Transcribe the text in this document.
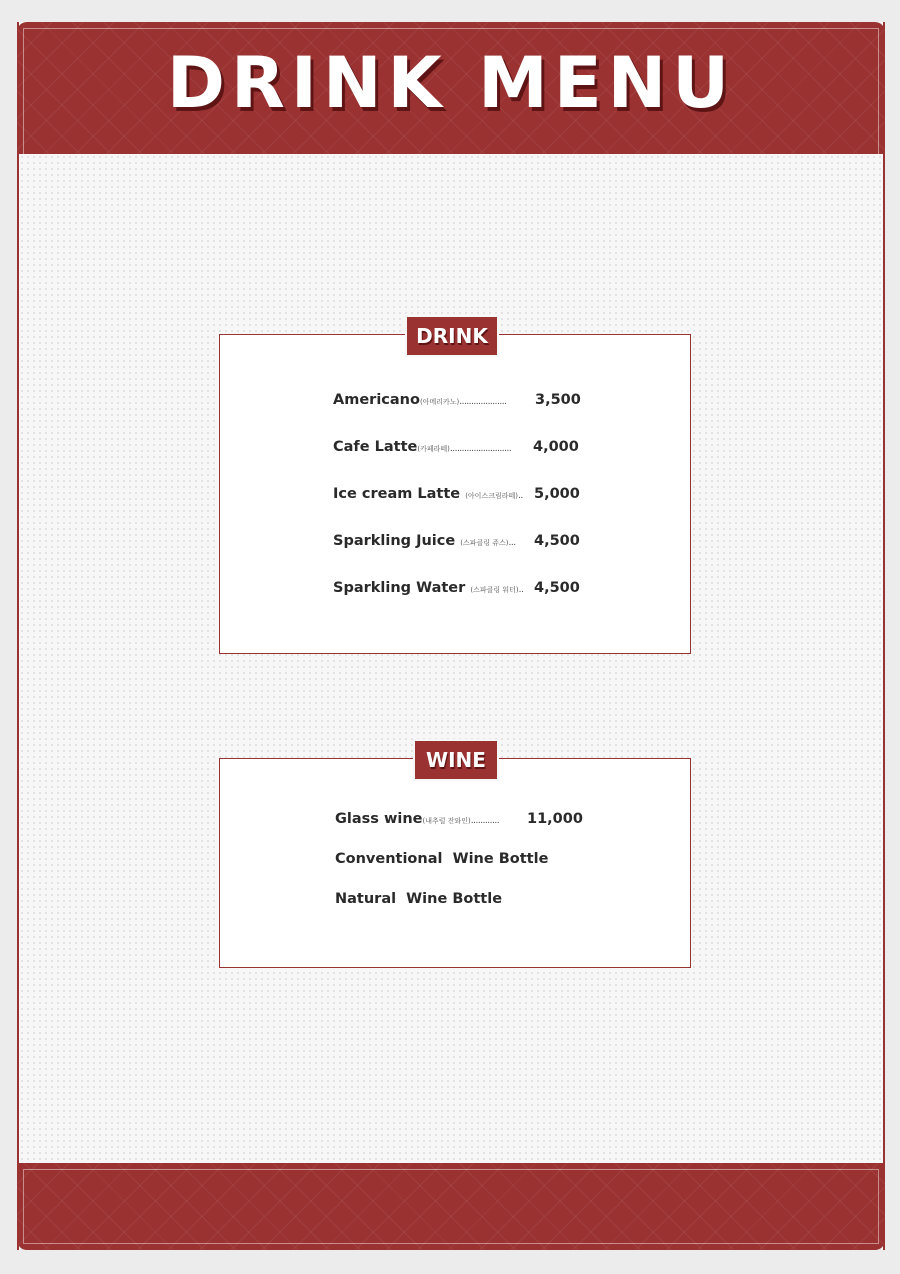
DRINK MENU
DRINK
Americano(아메리카노).................... 3,500
Cafe Latte(카페라떼).......................... 4,000
Ice cream Latte (아이스크림라떼).. 5,000
Sparkling Juice (스파클링 쥬스)... 4,500
Sparkling Water (스파클링 워터).. 4,500
WINE
Glass wine(내추럴 잔와인)............ 11,000
Conventional  Wine Bottle
Natural  Wine Bottle
